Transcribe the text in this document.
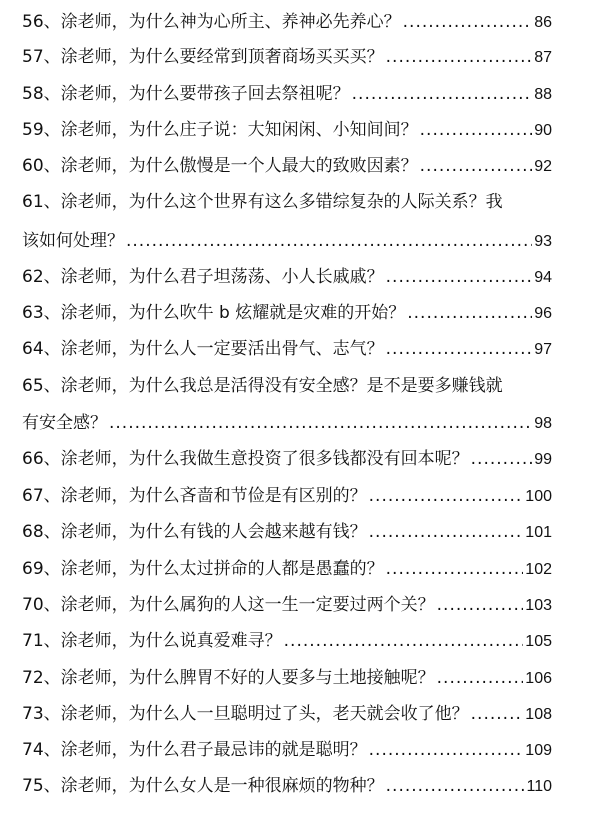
56、涂老师，为什么神为心所主、养神必先养心？ .....	86
57、涂老师，为什么要经常到顶奢商场买买买？ .....	87
58、涂老师，为什么要带孩子回去祭祖呢？ .....	88
59、涂老师，为什么庄子说：大知闲闲、小知间间？ .....	90
60、涂老师，为什么傲慢是一个人最大的致败因素？ .....	92
61、涂老师，为什么这个世界有这么多错综复杂的人际关系？我
该如何处理？ .....	93
62、涂老师，为什么君子坦荡荡、小人长戚戚？ .....	94
63、涂老师，为什么吹牛 b 炫耀就是灾难的开始？ .....	96
64、涂老师，为什么人一定要活出骨气、志气？ .....	97
65、涂老师，为什么我总是活得没有安全感？是不是要多赚钱就
有安全感？ .....	98
66、涂老师，为什么我做生意投资了很多钱都没有回本呢？ .....	99
67、涂老师，为什么吝啬和节俭是有区别的？ .....	100
68、涂老师，为什么有钱的人会越来越有钱？ .....	101
69、涂老师，为什么太过拼命的人都是愚蠢的？ .....	102
70、涂老师，为什么属狗的人这一生一定要过两个关？ .....	103
71、涂老师，为什么说真爱难寻？ .....	105
72、涂老师，为什么脾胃不好的人要多与土地接触呢？ .....	106
73、涂老师，为什么人一旦聪明过了头，老天就会收了他？ .....	108
74、涂老师，为什么君子最忌讳的就是聪明？ .....	109
75、涂老师，为什么女人是一种很麻烦的物种？ .....	110
